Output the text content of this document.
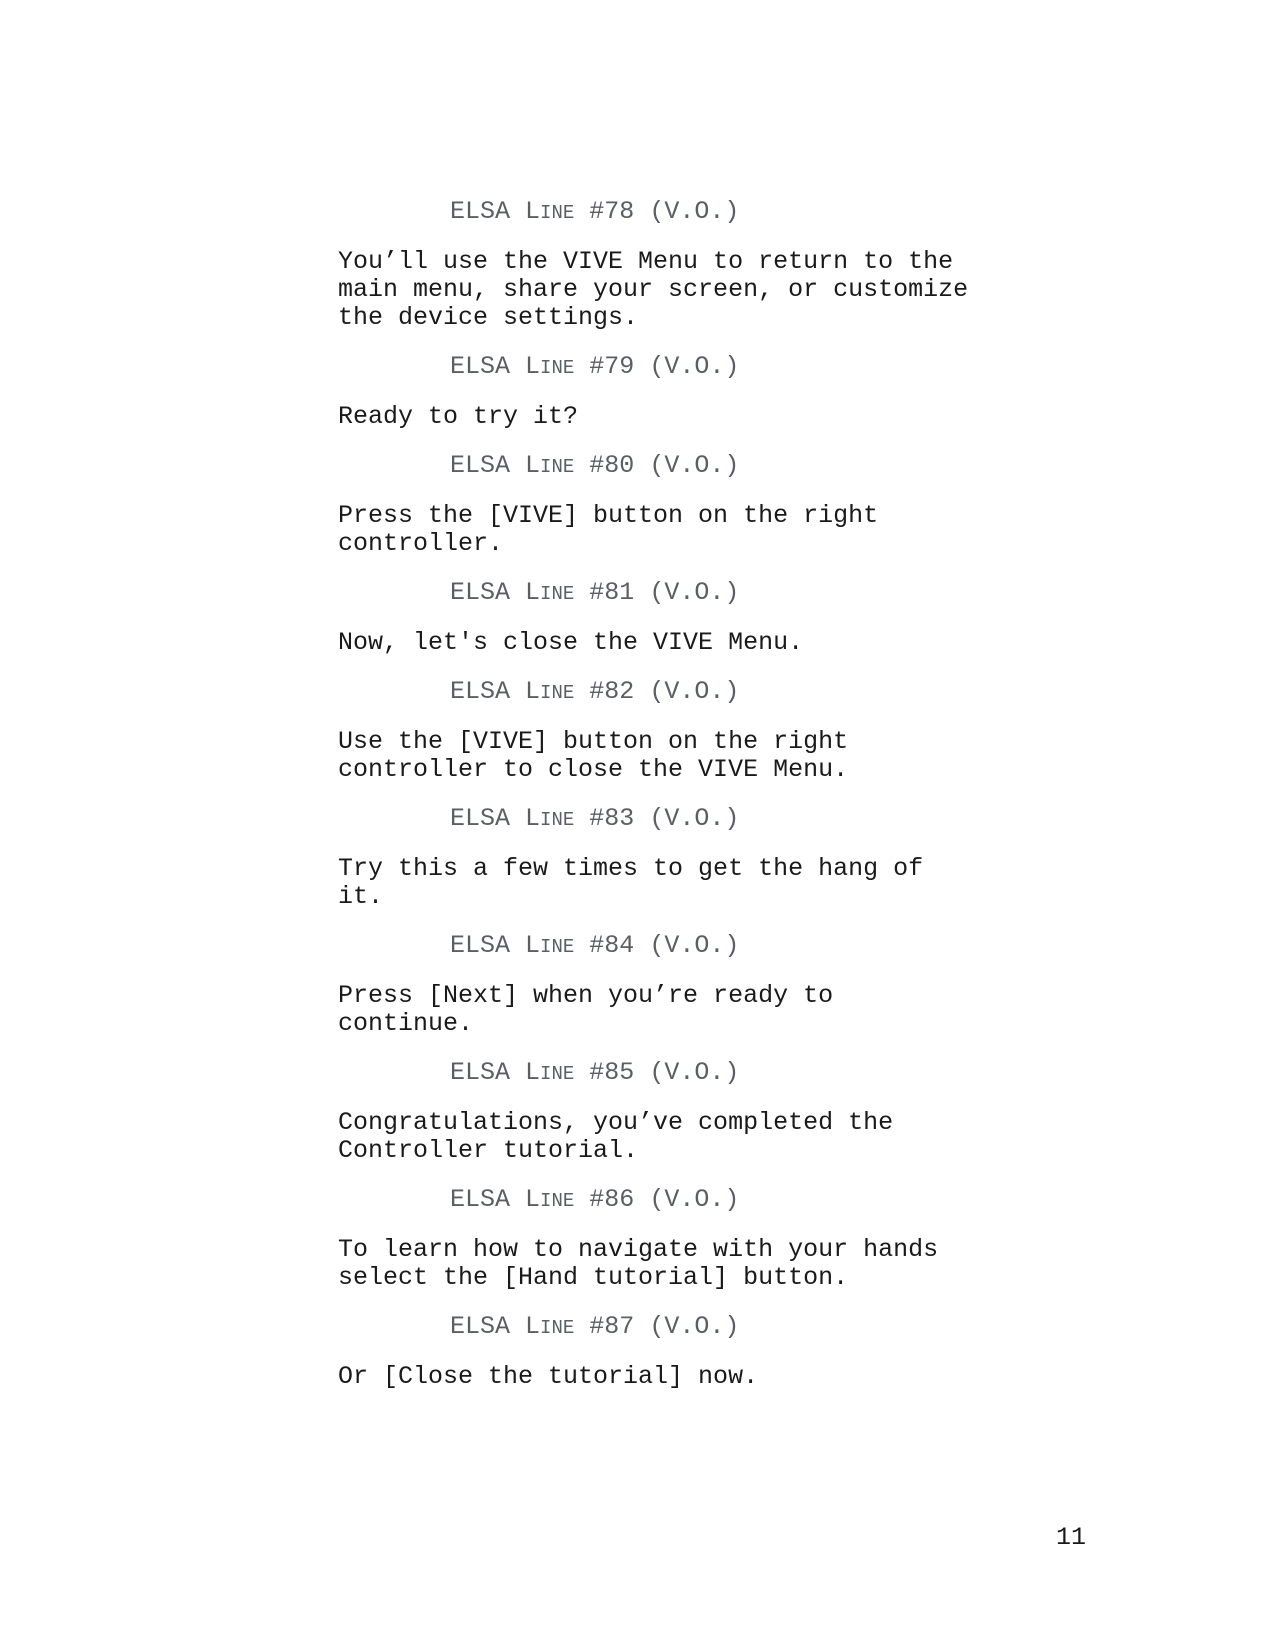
ELSA LINE #78 (V.O.)
You’ll use the VIVE Menu to return to the
main menu, share your screen, or customize
the device settings.
ELSA LINE #79 (V.O.)
Ready to try it?
ELSA LINE #80 (V.O.)
Press the [VIVE] button on the right
controller.
ELSA LINE #81 (V.O.)
Now, let's close the VIVE Menu.
ELSA LINE #82 (V.O.)
Use the [VIVE] button on the right
controller to close the VIVE Menu.
ELSA LINE #83 (V.O.)
Try this a few times to get the hang of
it.
ELSA LINE #84 (V.O.)
Press [Next] when you’re ready to
continue.
ELSA LINE #85 (V.O.)
Congratulations, you’ve completed the
Controller tutorial.
ELSA LINE #86 (V.O.)
To learn how to navigate with your hands
select the [Hand tutorial] button.
ELSA LINE #87 (V.O.)
Or [Close the tutorial] now.
11
